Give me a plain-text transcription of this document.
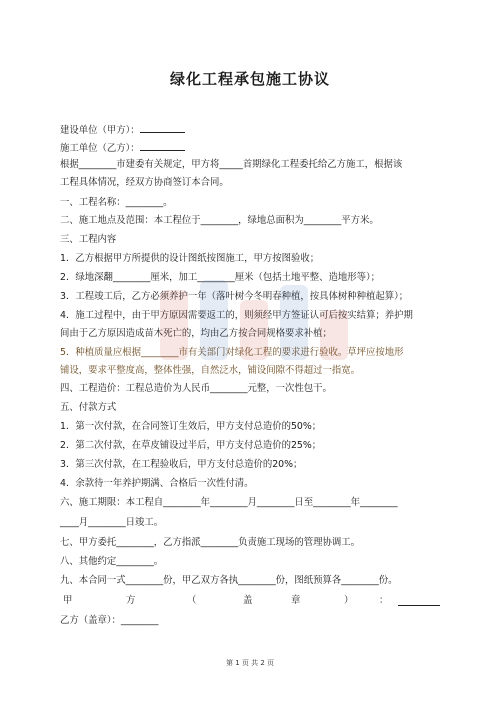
绿化工程承包施工协议
建设单位（甲方）：
施工单位（乙方）：
根据________市建委有关规定，甲方将_____首期绿化工程委托给乙方施工，根据该
工程具体情况，经双方协商签订本合同。
一、工程名称：________。
二、施工地点及范围：本工程位于________，绿地总面积为________平方米。
三、工程内容
1．乙方根据甲方所提供的设计图纸按图施工，甲方按图验收；
2．绿地深翻________厘米，加工________厘米（包括土地平整、造地形等）；
3．工程竣工后，乙方必须养护一年（落叶树今冬明春种植，按具体树种种植起算）；
4．施工过程中，由于甲方原因需要返工的，则须经甲方签证认可后按实结算；养护期
间由于乙方原因造成苗木死亡的，均由乙方按合同规格要求补植；
5．种植质量应根据________市有关部门对绿化工程的要求进行验收。草坪应按地形
铺设，要求平整度高，整体性强，自然泛水，铺设间隙不得超过一指宽。
四、工程造价：工程总造价为人民币________元整，一次性包干。
五、付款方式
1．第一次付款，在合同签订生效后，甲方支付总造价的50%；
2．第二次付款，在草皮铺设过半后，甲方支付总造价的25%；
3．第三次付款，在工程验收后，甲方支付总造价的20%；
4．余款待一年养护期满、合格后一次性付清。
六、施工期限：本工程自________年________月________日至________年________
____月________日竣工。
七、甲方委托________，乙方指派________负责施工现场的管理协调工。
八、其他约定________。
九、本合同一式________份，甲乙双方各执________份，图纸预算各________份。
甲	方	（	盖	章	）	：
乙方（盖章）：________
第 1 页 共 2 页
